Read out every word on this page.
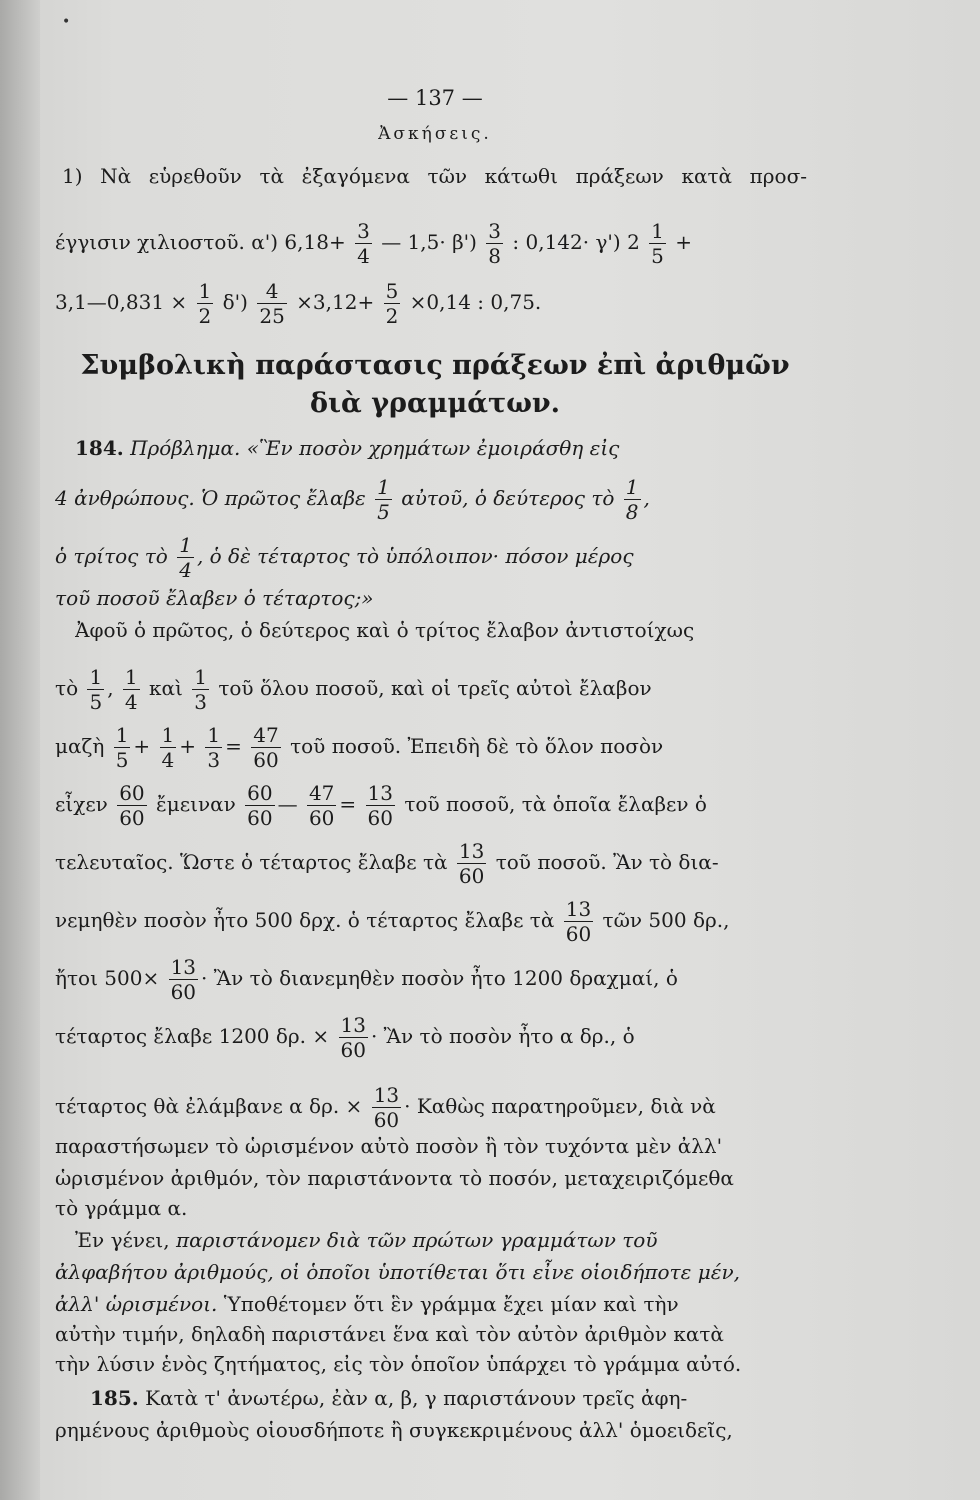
•
— 137 —
Ἀσκήσεις.
1) Νὰ εὑρεθοῦν τὰ ἐξαγόμενα τῶν κάτωθι πράξεων κατὰ προσ-
έγγισιν χιλιοστοῦ. α') $6,18+ \frac{3}{4}$ — $1,5\cdot \beta') \frac{3}{8}$ : 0,142· γ') $2 \frac{1}{5}$ +
3,1—0,831 × $\frac{1}{2} \delta') \frac{4}{25} \times 3,12+ \frac{5}{2} \times 0,14$ : 0,75.
Συμβολικὴ παράστασις πράξεων ἐπὶ ἀριθμῶν
διὰ γραμμάτων.
184. Πρόβλημα. «Ἓν ποσὸν χρημάτων ἐμοιράσθη εἰς
4 ἀνθρώπους. Ὁ πρῶτος ἔλαβε $\frac{1}{5}$ αὐτοῦ, ὁ δεύτερος τὸ $\frac{1}{8}$ ,
ὁ τρίτος τὸ $\frac{1}{4}$ , ὁ δὲ τέταρτος τὸ ὑπόλοιπον· πόσον μέρος
τοῦ ποσοῦ ἔλαβεν ὁ τέταρτος;»
Ἀφοῦ ὁ πρῶτος, ὁ δεύτερος καὶ ὁ τρίτος ἔλαβον ἀντιστοίχως
τὸ $\frac{1}{5}$ , $\frac{1}{4}$ καὶ $\frac{1}{3}$ τοῦ ὅλου ποσοῦ, καὶ οἱ τρεῖς αὐτοὶ ἔλαβον
μαζὴ $\frac{1}{5} + \frac{1}{4} + \frac{1}{3} = \frac{47}{60}$ τοῦ ποσοῦ. Ἐπειδὴ δὲ τὸ ὅλον ποσὸν
εἶχεν $\frac{60}{60}$ ἔμειναν $\frac{60}{60}$ — $\frac{47}{60} = \frac{13}{60}$ τοῦ ποσοῦ, τὰ ὁποῖα ἔλαβεν ὁ
τελευταῖος. Ὥστε ὁ τέταρτος ἔλαβε τὰ $\frac{13}{60}$ τοῦ ποσοῦ. Ἂν τὸ δια-
νεμηθὲν ποσὸν ἦτο 500 δρχ. ὁ τέταρτος ἔλαβε τὰ $\frac{13}{60}$ τῶν 500 δρ.,
ἤτοι $500\times \frac{13}{60}$ · Ἂν τὸ διανεμηθὲν ποσὸν ἦτο 1200 δραχμαί, ὁ
τέταρτος ἔλαβε 1200 δρ. × $\frac{13}{60}$ · Ἂν τὸ ποσὸν ἦτο α δρ., ὁ
τέταρτος θὰ ἐλάμβανε α δρ. × $\frac{13}{60}$ · Καθὼς παρατηροῦμεν, διὰ νὰ
παραστήσωμεν τὸ ὡρισμένον αὐτὸ ποσὸν ἢ τὸν τυχόντα μὲν ἀλλ'
ὡρισμένον ἀριθμόν, τὸν παριστάνοντα τὸ ποσόν, μεταχειριζόμεθα
τὸ γράμμα α.
Ἐν γένει, παριστάνομεν διὰ τῶν πρώτων γραμμάτων τοῦ
ἀλφαβήτου ἀριθμούς, οἱ ὁποῖοι ὑποτίθεται ὅτι εἶνε οἱοιδήποτε μέν,
ἀλλ' ὡρισμένοι. Ὑποθέτομεν ὅτι ἓν γράμμα ἔχει μίαν καὶ τὴν
αὐτὴν τιμήν, δηλαδὴ παριστάνει ἕνα καὶ τὸν αὐτὸν ἀριθμὸν κατὰ
τὴν λύσιν ἑνὸς ζητήματος, εἰς τὸν ὁποῖον ὑπάρχει τὸ γράμμα αὐτό.
185. Κατὰ τ' ἀνωτέρω, ἐὰν α, β, γ παριστάνουν τρεῖς ἀφη-
ρημένους ἀριθμοὺς οἱουσδήποτε ἢ συγκεκριμένους ἀλλ' ὁμοειδεῖς,
